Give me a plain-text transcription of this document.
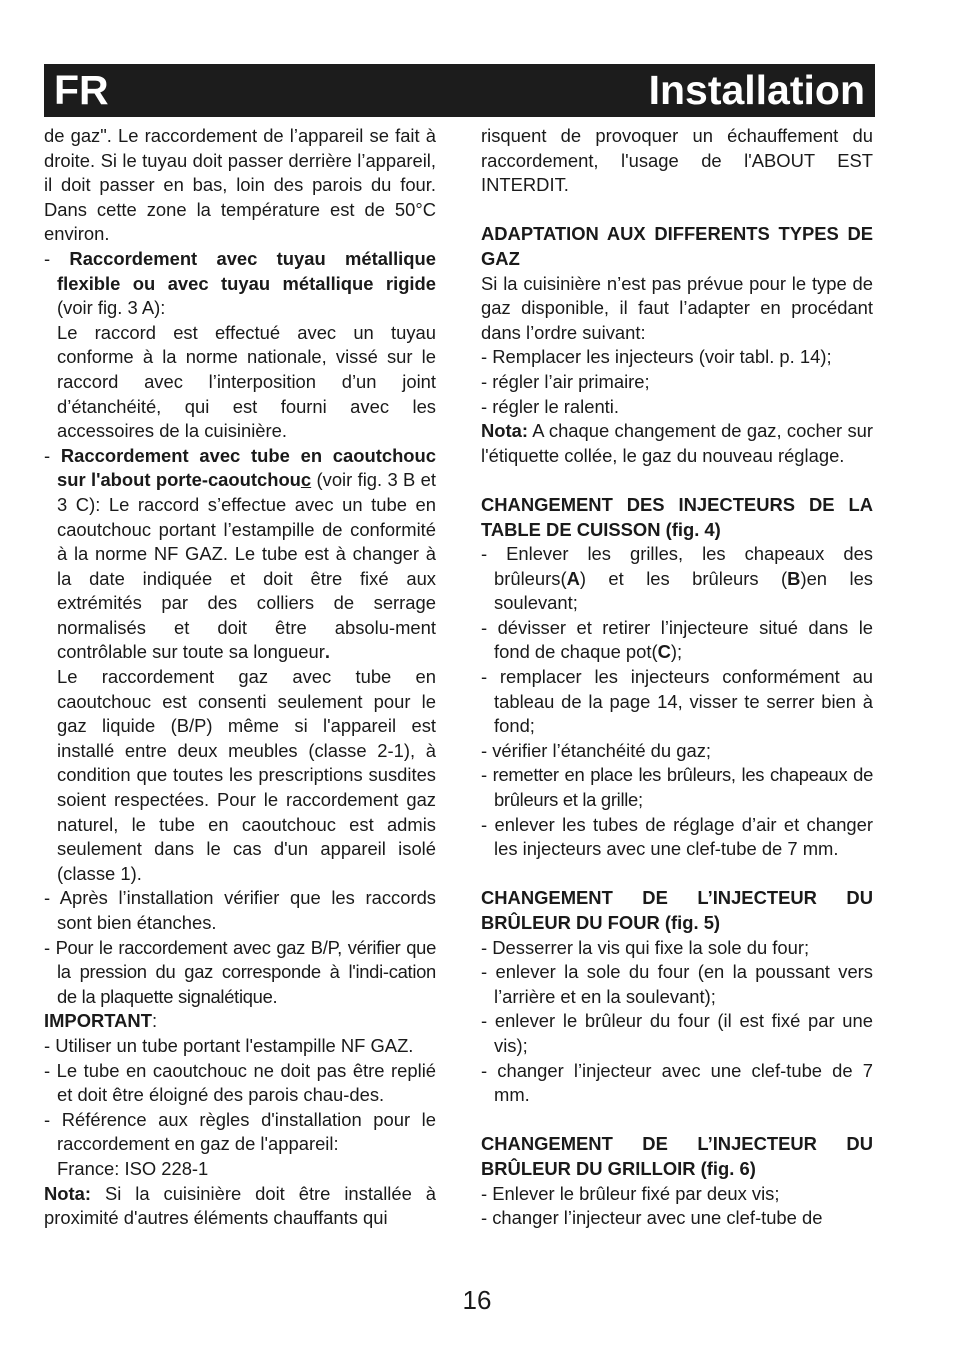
FR	Installation

de gaz". Le raccordement de l’appareil se fait à droite. Si le tuyau doit passer derrière l’appareil, il doit passer en bas, loin des parois du four. Dans cette zone la température est de 50°C environ.

- Raccordement avec tuyau métallique flexible ou avec tuyau métallique rigide (voir fig. 3 A):
Le raccord est effectué avec un tuyau conforme à la norme nationale, vissé sur le raccord avec l’interposition d’un joint d’étanchéité, qui est fourni avec les accessoires de la cuisinière.
- Raccordement avec tube en caoutchouc sur l'about porte-caoutchouc (voir fig. 3 B et 3 C): Le raccord s’effectue avec un tube en caoutchouc portant l’estampille de conformité à la norme NF GAZ. Le tube est à changer à la date indiquée et doit être fixé aux extrémités par des colliers de serrage normalisés et doit être absolu-ment contrôlable sur toute sa longueur.
Le raccordement gaz avec tube en caoutchouc est consenti seulement pour le gaz liquide (B/P) même si l'appareil est installé entre deux meubles (classe 2-1), à condition que toutes les prescriptions susdites soient respectées. Pour le raccordement gaz naturel, le tube en caoutchouc est admis seulement dans le cas d'un appareil isolé (classe 1).
- Après l’installation vérifier que les raccords sont bien étanches.
- Pour le raccordement avec gaz B/P, vérifier que la pression du gaz corresponde à l'indi-cation de la plaquette signalétique.

IMPORTANT:

- Utiliser un tube portant l'estampille NF GAZ.
- Le tube en caoutchouc ne doit pas être replié et doit être éloigné des parois chau-des.
- Référence aux règles d'installation pour le raccordement en gaz de l'appareil:
France: ISO 228-1

Nota: Si la cuisinière doit être installée à proximité d'autres éléments chauffants qui

risquent de provoquer un échauffement du raccordement, l'usage de l'ABOUT EST INTERDIT.

ADAPTATION AUX DIFFERENTS TYPES DE GAZ

Si la cuisinière n’est pas prévue pour le type de gaz disponible, il faut l’adapter en procédant dans l’ordre suivant:

- Remplacer les injecteurs (voir tabl. p. 14);
- régler l’air primaire;
- régler le ralenti.

Nota: A chaque changement de gaz, cocher sur l'étiquette collée, le gaz du nouveau réglage.

CHANGEMENT DES INJECTEURS DE LA TABLE DE CUISSON (fig. 4)

- Enlever les grilles, les chapeaux des brûleurs(A) et les brûleurs (B)en les soulevant;
- dévisser et retirer l’injecteure situé dans le fond de chaque pot(C);
- remplacer les injecteurs conformément au tableau de la page 14, visser te serrer bien à fond;
- vérifier l’étanchéité du gaz;
- remetter en place les brûleurs, les chapeaux de brûleurs et la grille;
- enlever les tubes de réglage d’air et changer les injecteurs avec une clef-tube de 7 mm.

CHANGEMENT DE L’INJECTEUR DU BRÛLEUR DU FOUR (fig. 5)

- Desserrer la vis qui fixe la sole du four;
- enlever la sole du four (en la poussant vers l’arrière et en la soulevant);
- enlever le brûleur du four (il est fixé par une vis);
- changer l’injecteur avec une clef-tube de 7 mm.

CHANGEMENT DE L’INJECTEUR DU BRÛLEUR DU GRILLOIR (fig. 6)

- Enlever le brûleur fixé par deux vis;
- changer l’injecteur avec une clef-tube de
16
